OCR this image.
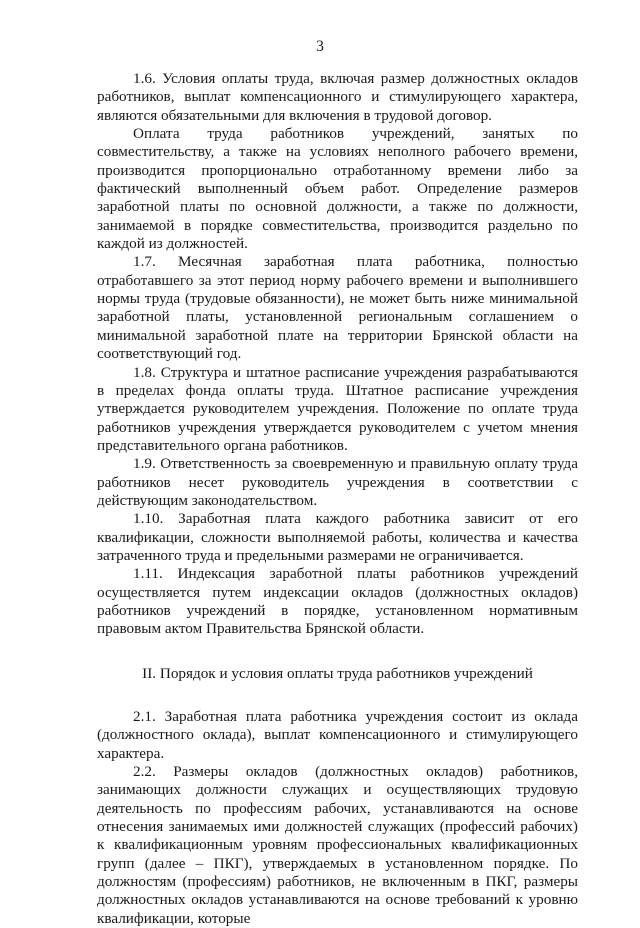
3

1.6. Условия оплаты труда, включая размер должностных окладов работников, выплат компенсационного и стимулирующего характера, являются обязательными для включения в трудовой договор.

Оплата труда работников учреждений, занятых по совместительству, а также на условиях неполного рабочего времени, производится пропорционально отработанному времени либо за фактический выполненный объем работ. Определение размеров заработной платы по основной должности, а также по должности, занимаемой в порядке совместительства, производится раздельно по каждой из должностей.

1.7. Месячная заработная плата работника, полностью отработавшего за этот период норму рабочего времени и выполнившего нормы труда (трудовые обязанности), не может быть ниже минимальной заработной платы, установленной региональным соглашением о минимальной заработной плате на территории Брянской области на соответствующий год.

1.8. Структура и штатное расписание учреждения разрабатываются в пределах фонда оплаты труда. Штатное расписание учреждения утверждается руководителем учреждения. Положение по оплате труда работников учреждения утверждается руководителем с учетом мнения представительного органа работников.

1.9. Ответственность за своевременную и правильную оплату труда работников несет руководитель учреждения в соответствии с действующим законодательством.

1.10. Заработная плата каждого работника зависит от его квалификации, сложности выполняемой работы, количества и качества затраченного труда и предельными размерами не ограничивается.

1.11. Индексация заработной платы работников учреждений осуществляется путем индексации окладов (должностных окладов) работников учреждений в порядке, установленном нормативным правовым актом Правительства Брянской области.

II. Порядок и условия оплаты труда работников учреждений

2.1. Заработная плата работника учреждения состоит из оклада (должностного оклада), выплат компенсационного и стимулирующего характера.

2.2. Размеры окладов (должностных окладов) работников, занимающих должности служащих и осуществляющих трудовую деятельность по профессиям рабочих, устанавливаются на основе отнесения занимаемых ими должностей служащих (профессий рабочих) к квалификационным уровням профессиональных квалификационных групп (далее – ПКГ), утверждаемых в установленном порядке. По должностям (профессиям) работников, не включенным в ПКГ, размеры должностных окладов устанавливаются на основе требований к уровню квалификации, которые
